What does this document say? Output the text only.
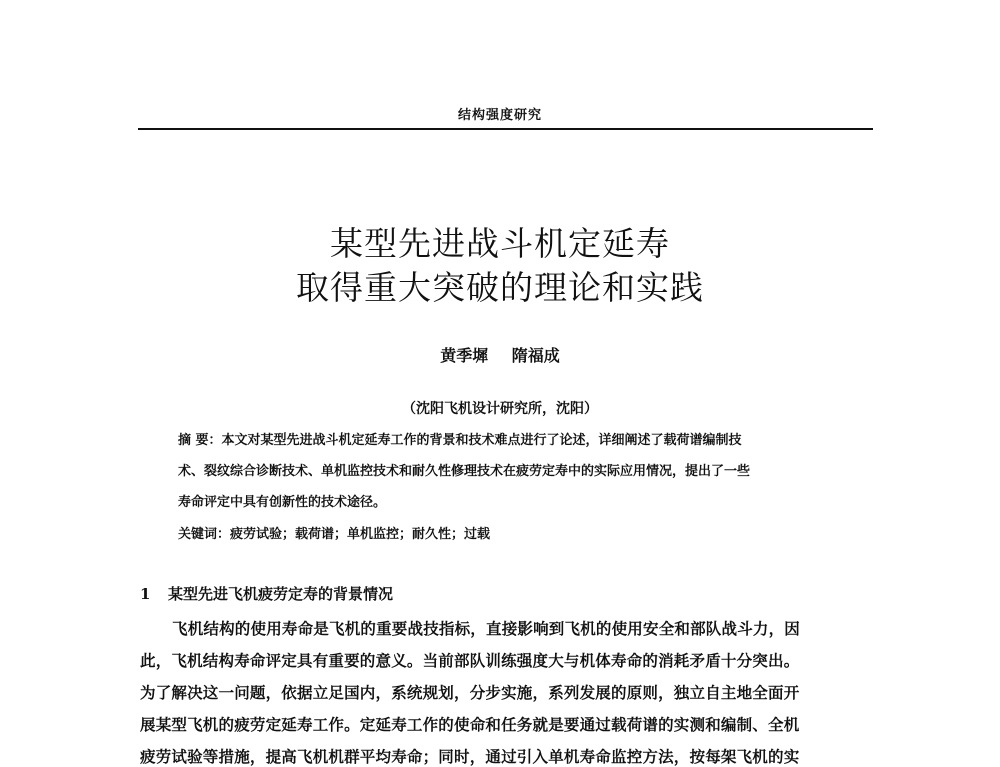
结构强度研究
某型先进战斗机定延寿
取得重大突破的理论和实践
黄季墀 隋福成
（沈阳飞机设计研究所，沈阳）
摘 要：本文对某型先进战斗机定延寿工作的背景和技术难点进行了论述，详细阐述了载荷谱编制技
术、裂纹综合诊断技术、单机监控技术和耐久性修理技术在疲劳定寿中的实际应用情况，提出了一些
寿命评定中具有创新性的技术途径。
关键词：疲劳试验；载荷谱；单机监控；耐久性；过载
1 某型先进飞机疲劳定寿的背景情况
飞机结构的使用寿命是飞机的重要战技指标，直接影响到飞机的使用安全和部队战斗力，因
此，飞机结构寿命评定具有重要的意义。当前部队训练强度大与机体寿命的消耗矛盾十分突出。
为了解决这一问题，依据立足国内，系统规划，分步实施，系列发展的原则，独立自主地全面开
展某型飞机的疲劳定延寿工作。定延寿工作的使命和任务就是要通过载荷谱的实测和编制、全机
疲劳试验等措施，提高飞机机群平均寿命；同时，通过引入单机寿命监控方法，按每架飞机的实
